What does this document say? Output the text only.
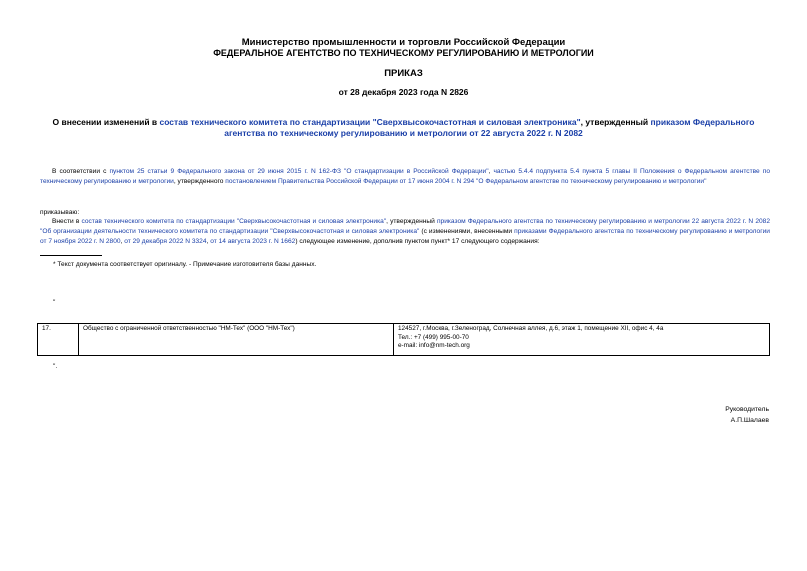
Министерство промышленности и торговли Российской Федерации
ФЕДЕРАЛЬНОЕ АГЕНТСТВО ПО ТЕХНИЧЕСКОМУ РЕГУЛИРОВАНИЮ И МЕТРОЛОГИИ
ПРИКАЗ
от 28 декабря 2023 года N 2826
О внесении изменений в состав технического комитета по стандартизации "Сверхвысокочастотная и силовая электроника", утвержденный приказом Федерального агентства по техническому регулированию и метрологии от 22 августа 2022 г. N 2082
В соответствии с пунктом 25 статьи 9 Федерального закона от 29 июня 2015 г. N 162-ФЗ "О стандартизации в Российской Федерации", частью 5.4.4 подпункта 5.4 пункта 5 главы II Положения о Федеральном агентстве по техническому регулированию и метрологии, утвержденного постановлением Правительства Российской Федерации от 17 июня 2004 г. N 294 "О Федеральном агентстве по техническому регулированию и метрологии"
приказываю:
Внести в состав технического комитета по стандартизации "Сверхвысокочастотная и силовая электроника", утвержденный приказом Федерального агентства по техническому регулированию и метрологии 22 августа 2022 г. N 2082 "Об организации деятельности технического комитета по стандартизации "Сверхвысокочастотная и силовая электроника" (с изменениями, внесенными приказами Федерального агентства по техническому регулированию и метрологии от 7 ноября 2022 г. N 2800, от 29 декабря 2022 N 3324, от 14 августа 2023 г. N 1662) следующее изменение, дополнив пунктом пункт* 17 следующего содержания:
* Текст документа соответствует оригиналу. - Примечание изготовителя базы данных.
"
17.	Общество с ограниченной ответственностью "НМ-Тех" (ООО "НМ-Тех")	124527, г.Москва, г.Зеленоград, Солнечная аллея, д.6, этаж 1, помещение XII, офис 4, 4а
Тел.: +7 (499) 995-00-70
e-mail: info@nm-tech.org
".
Руководитель
А.П.Шалаев
